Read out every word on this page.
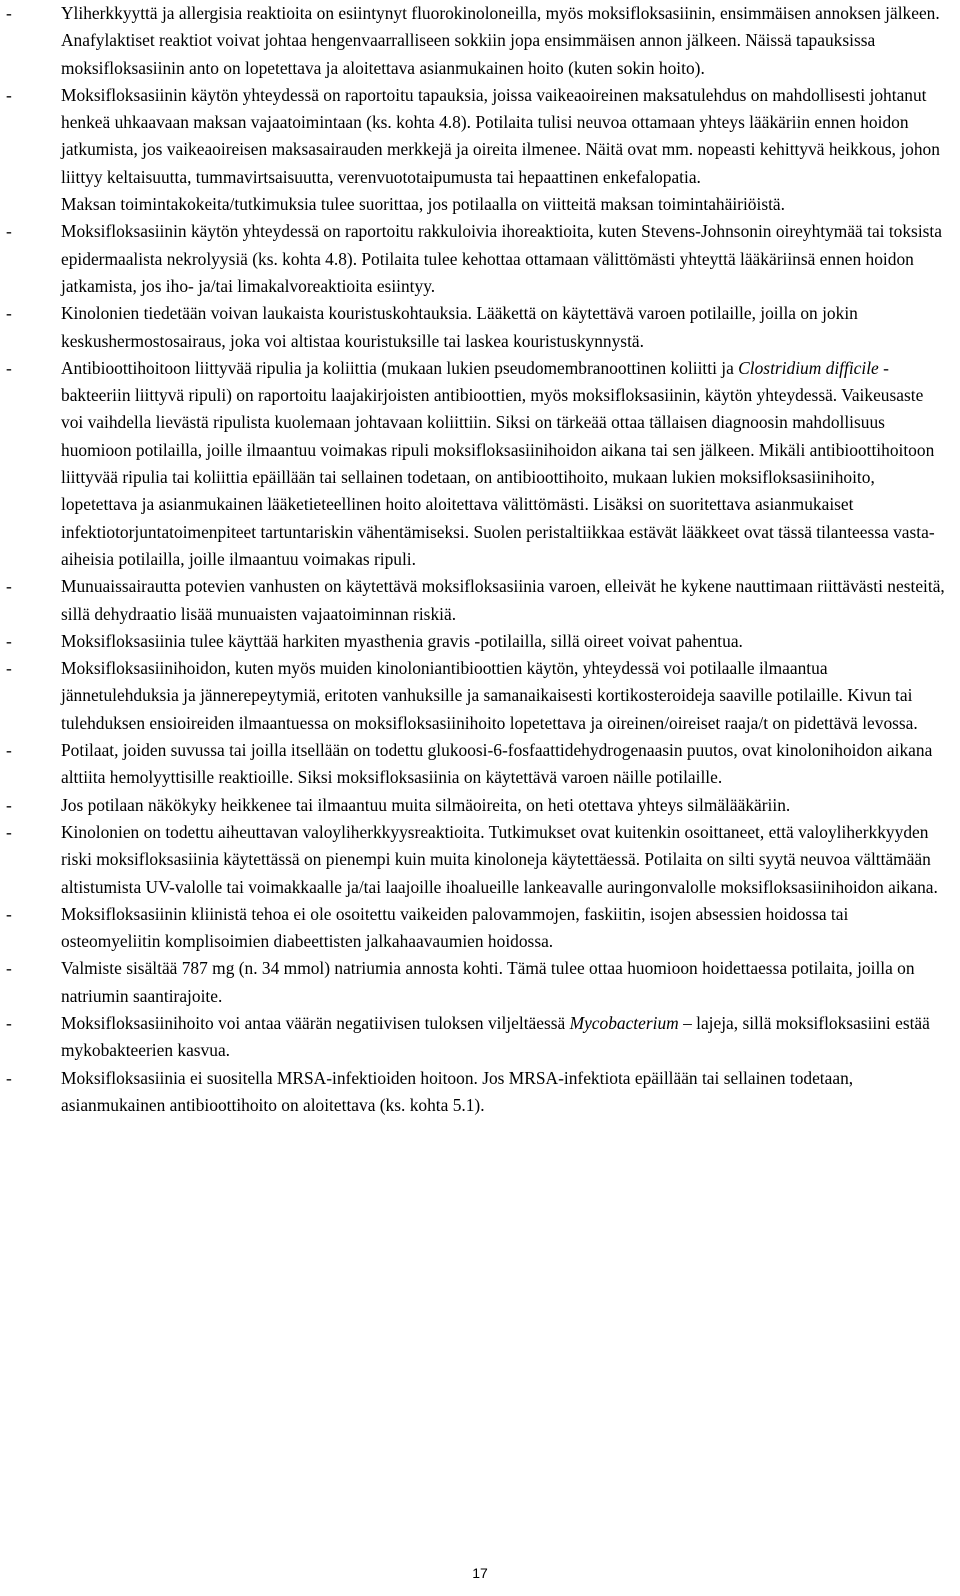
-	Yliherkkyyttä ja allergisia reaktioita on esiintynyt fluorokinoloneilla, myös moksifloksasiinin, ensimmäisen annoksen jälkeen. Anafylaktiset reaktiot voivat johtaa hengenvaarralliseen sokkiin jopa ensimmäisen annon jälkeen. Näissä tapauksissa moksifloksasiinin anto on lopetettava ja aloitettava asianmukainen hoito (kuten sokin hoito).
-	Moksifloksasiinin käytön yhteydessä on raportoitu tapauksia, joissa vaikeaoireinen maksatulehdus on mahdollisesti johtanut henkeä uhkaavaan maksan vajaatoimintaan (ks. kohta 4.8). Potilaita tulisi neuvoa ottamaan yhteys lääkäriin ennen hoidon jatkumista, jos vaikeaoireisen maksasairauden merkkejä ja oireita ilmenee. Näitä ovat mm. nopeasti kehittyvä heikkous, johon liittyy keltaisuutta, tummavirtsaisuutta, verenvuototaipumusta tai hepaattinen enkefalopatia.
Maksan toimintakokeita/tutkimuksia tulee suorittaa, jos potilaalla on viitteitä maksan toimintahäiriöistä.
-	Moksifloksasiinin käytön yhteydessä on raportoitu rakkuloivia ihoreaktioita, kuten Stevens-Johnsonin oireyhtymää tai toksista epidermaalista nekrolyysiä (ks. kohta 4.8). Potilaita tulee kehottaa ottamaan välittömästi yhteyttä lääkäriinsä ennen hoidon jatkamista, jos iho- ja/tai limakalvoreaktioita esiintyy.
-	Kinolonien tiedetään voivan laukaista kouristuskohtauksia. Lääkettä on käytettävä varoen potilaille, joilla on jokin keskushermostosairaus, joka voi altistaa kouristuksille tai laskea kouristuskynnystä.
-	Antibioottihoitoon liittyvää ripulia ja koliittia (mukaan lukien pseudomembranoottinen koliitti ja Clostridium difficile -bakteeriin liittyvä ripuli) on raportoitu laajakirjoisten antibioottien, myös moksifloksasiinin, käytön yhteydessä. Vaikeusaste voi vaihdella lievästä ripulista kuolemaan johtavaan koliittiin. Siksi on tärkeää ottaa tällaisen diagnoosin mahdollisuus huomioon potilailla, joille ilmaantuu voimakas ripuli moksifloksasiinihoidon aikana tai sen jälkeen. Mikäli antibioottihoitoon liittyvää ripulia tai koliittia epäillään tai sellainen todetaan, on antibioottihoito, mukaan lukien moksifloksasiinihoito, lopetettava ja asianmukainen lääketieteellinen hoito aloitettava välittömästi. Lisäksi on suoritettava asianmukaiset infektiotorjuntatoimenpiteet tartuntariskin vähentämiseksi. Suolen peristaltiikkaa estävät lääkkeet ovat tässä tilanteessa vasta-aiheisia potilailla, joille ilmaantuu voimakas ripuli.
-	Munuaissairautta potevien vanhusten on käytettävä moksifloksasiinia varoen, elleivät he kykene nauttimaan riittävästi nesteitä, sillä dehydraatio lisää munuaisten vajaatoiminnan riskiä.
-	Moksifloksasiinia tulee käyttää harkiten myasthenia gravis -potilailla, sillä oireet voivat pahentua.
-	Moksifloksasiinihoidon, kuten myös muiden kinoloniantibioottien käytön, yhteydessä voi potilaalle ilmaantua jännetulehduksia ja jännerepeytymiä, eritoten vanhuksille ja samanaikaisesti kortikosteroideja saaville potilaille. Kivun tai tulehduksen ensioireiden ilmaantuessa on moksifloksasiinihoito lopetettava ja oireinen/oireiset raaja/t on pidettävä levossa.
-	Potilaat, joiden suvussa tai joilla itsellään on todettu glukoosi-6-fosfaattidehydrogenaasin puutos, ovat kinolonihoidon aikana alttiita hemolyyttisille reaktioille. Siksi moksifloksasiinia on käytettävä varoen näille potilaille.
-	Jos potilaan näkökyky heikkenee tai ilmaantuu muita silmäoireita, on heti otettava yhteys silmälääkäriin.
-	Kinolonien on todettu aiheuttavan valoyliherkkyysreaktioita. Tutkimukset ovat kuitenkin osoittaneet, että valoyliherkkyyden riski moksifloksasiinia käytettässä on pienempi kuin muita kinoloneja käytettäessä. Potilaita on silti syytä neuvoa välttämään altistumista UV-valolle tai voimakkaalle ja/tai laajoille ihoalueille lankeavalle auringonvalolle moksifloksasiinihoidon aikana.
-	Moksifloksasiinin kliinistä tehoa ei ole osoitettu vaikeiden palovammojen, faskiitin, isojen absessien hoidossa tai osteomyeliitin komplisoimien diabeettisten jalkahaavaumien hoidossa.
-	Valmiste sisältää 787 mg (n. 34 mmol) natriumia annosta kohti. Tämä tulee ottaa huomioon hoidettaessa potilaita, joilla on natriumin saantirajoite.
-	Moksifloksasiinihoito voi antaa väärän negatiivisen tuloksen viljeltäessä Mycobacterium – lajeja, sillä moksifloksasiini estää mykobakteerien kasvua.
-	Moksifloksasiinia ei suositella MRSA-infektioiden hoitoon. Jos MRSA-infektiota epäillään tai sellainen todetaan, asianmukainen antibioottihoito on aloitettava (ks. kohta 5.1).
17
